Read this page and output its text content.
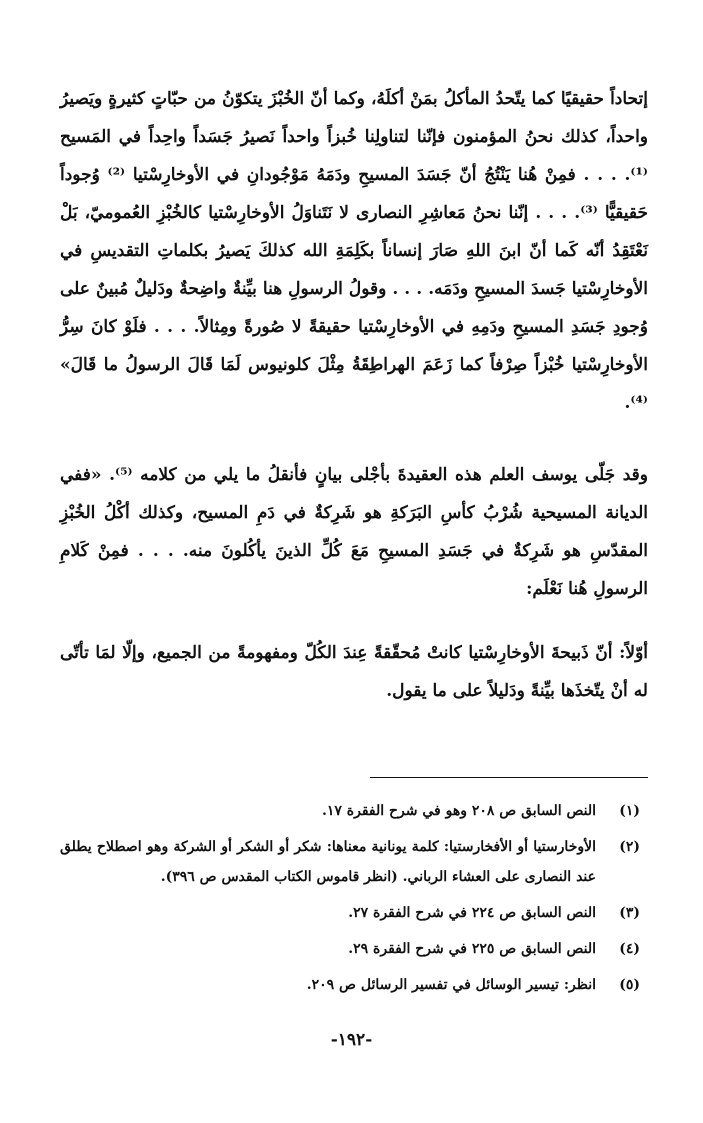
إتحاداً حقيقيًا كما يتّحدُ المأكلُ بمَنْ أكلَهُ، وكما أنّ الخُبْزَ يتكوّنُ من حبّاتٍ كثيرةٍ ويَصيرُ واحداً، كذلك نحنُ المؤمنون فإنّنا لتناولِنا خُبزاً واحداً نَصيرُ جَسَداً واحِداً في المَسيح ⁽¹⁾. . . . فمِنْ هُنا يَنْتُجُ أنّ جَسَدَ المسيحِ ودَمَهُ مَوْجُودانِ في الأوخارِسْتيا ⁽²⁾ وُجوداً حَقيقيًّا ⁽³⁾. . . . إنّنا نحنُ مَعاشِرِ النصارى لا نَتَناوَلُ الأوخارِسْتيا كالخُبْزِ العُموميّ، بَلْ نَعْتَقِدُ أنّه كَما أنّ ابنَ اللهِ صَارَ إنساناً بكَلِمَةِ الله كذلكَ يَصيرُ بكلماتِ التقديسِ في الأوخارِسْتيا جَسدَ المسيحِ ودَمَه. . . . وقولُ الرسولِ هنا بيِّنةٌ واضِحةٌ ودَليلٌ مُبينٌ على وُجودِ جَسَدِ المسيحِ ودَمِهِ في الأوخارِسْتيا حقيقةً لا صُورةً ومِثالاً. . . . فلَوْ كانَ سِرُّ الأوخارِسْتيا خُبْزاً صِرْفاً كما زَعَمَ الهراطِقَةُ مِثْلَ كلونيوس لَمَا قَالَ الرسولُ ما قَالَ» ⁽⁴⁾.

وقد جَلّى يوسف العلم هذه العقيدةَ بأجْلى بيانٍ فأنقلُ ما يلي من كلامه ⁽⁵⁾. «ففي الديانة المسيحية شُرْبُ كأسِ البَرَكةِ هو شَرِكةٌ في دَمِ المسيح، وكذلك أكْلُ الخُبْزِ المقدّسِ هو شَرِكةٌ في جَسَدِ المسيحِ مَعَ كُلِّ الذينَ يأكُلونَ منه. . . . فمِنْ كَلامِ الرسولِ هُنا نَعْلَم:

أوّلاً: أنّ ذَبيحةَ الأوخارِسْتيا كانتْ مُحقّقةً عِندَ الكُلّ ومفهومةً من الجميع، وإلّا لمَا تأتّى له أنْ يتّخذَها بيِّنةً ودَليلاً على ما يقول.

(١)
النص السابق ص ٢٠٨ وهو في شرح الفقرة ١٧.
(٢)
الأوخارستيا أو الأفخارستيا: كلمة يونانية معناها: شكر أو الشكر أو الشركة وهو اصطلاح يطلق عند النصارى على العشاء الرباني. (انظر قاموس الكتاب المقدس ص ٣٩٦).
(٣)
النص السابق ص ٢٢٤ في شرح الفقرة ٢٧.
(٤)
النص السابق ص ٢٢٥ في شرح الفقرة ٢٩.
(٥)
انظر: تيسير الوسائل في تفسير الرسائل ص ٢٠٩.
-١٩٢-
